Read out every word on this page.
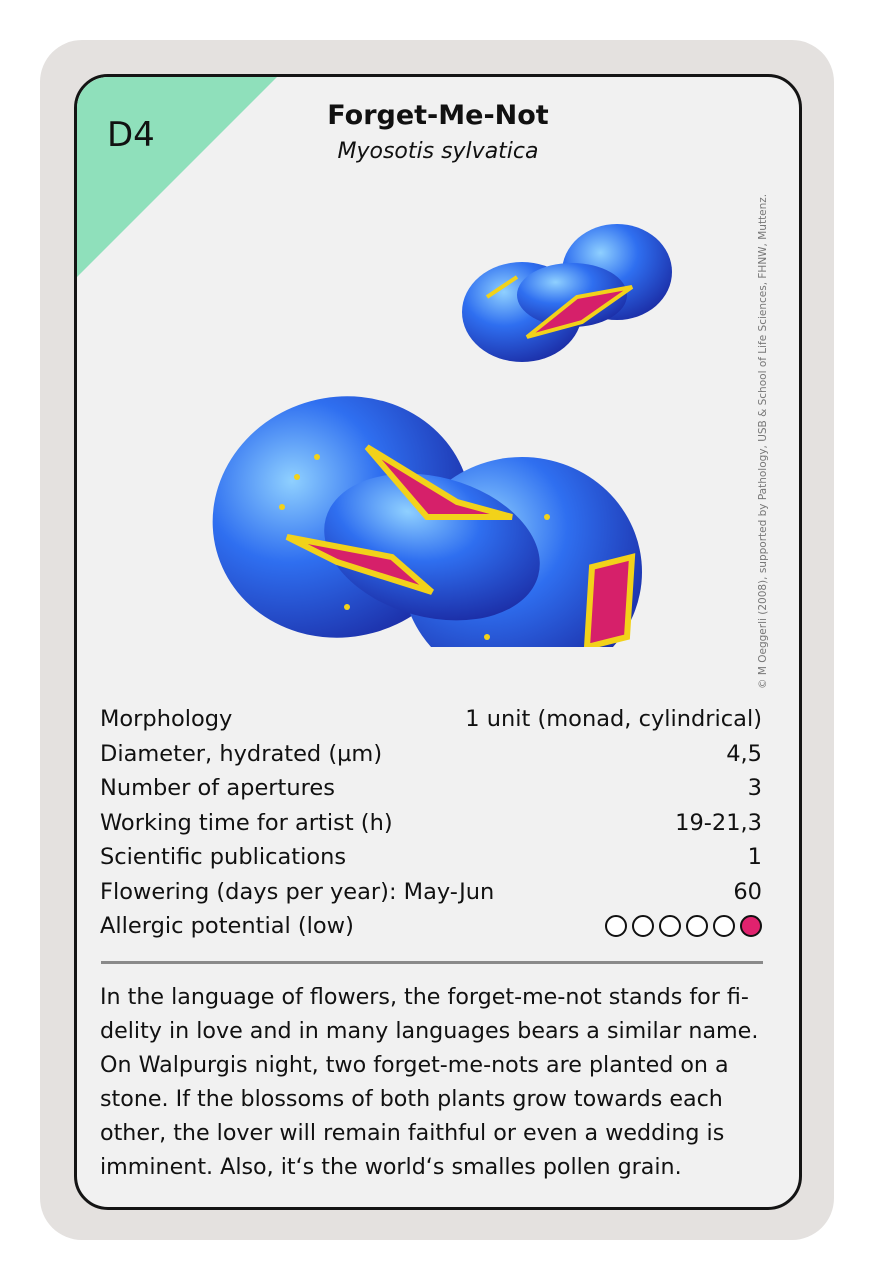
D4	Forget-Me-Not
Myosotis sylvatica
© M Oeggerli (2008), supported by Pathology, USB & School of Life Sciences, FHNW, Muttenz.
Morphology	1 unit (monad, cylindrical)
Diameter, hydrated (µm)	4,5
Number of apertures	3
Working time for artist (h)	19-21,3
Scientific publications	1
Flowering (days per year): May-Jun	60
Allergic potential (low)
In the language of flowers, the forget-me-not stands for fi-delity in love and in many languages bears a similar name. On Walpurgis night, two forget-me-nots are planted on a stone. If the blossoms of both plants grow towards each other, the lover will remain faithful or even a wedding is imminent. Also, it‘s the world‘s smalles pollen grain.
